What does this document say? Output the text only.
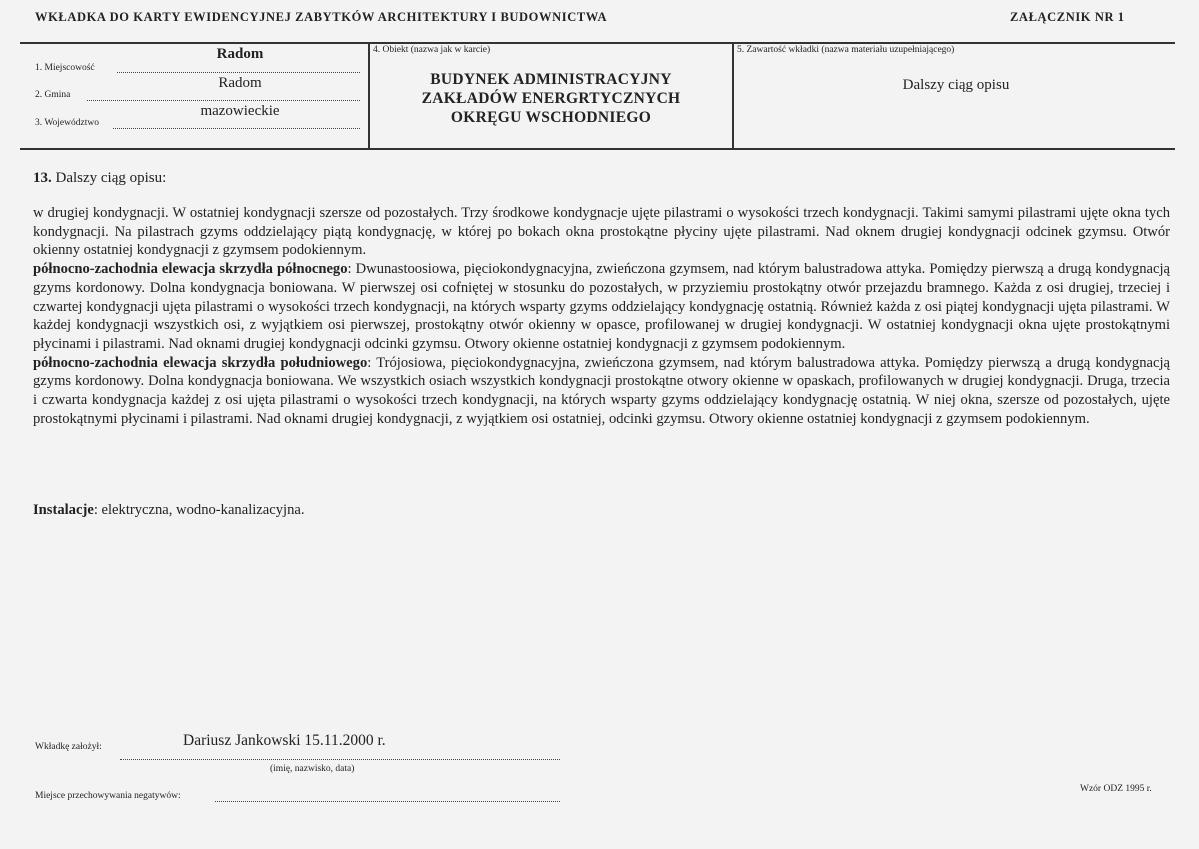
WKŁADKA DO KARTY EWIDENCYJNEJ ZABYTKÓW ARCHITEKTURY I BUDOWNICTWA	ZAŁĄCZNIK NR 1
1. Miejscowość
Radom
2. Gmina
Radom
3. Województwo
mazowieckie
4. Obiekt (nazwa jak w karcie)
BUDYNEK ADMINISTRACYJNY
ZAKŁADÓW ENERGRTYCZNYCH
OKRĘGU WSCHODNIEGO
5. Zawartość wkładki (nazwa materiału uzupełniającego)
Dalszy ciąg opisu
13. Dalszy ciąg opisu:

w drugiej kondygnacji. W ostatniej kondygnacji szersze od pozostałych. Trzy środkowe kondygnacje ujęte pilastrami o wysokości trzech kondygnacji. Takimi samymi pilastrami ujęte okna tych kondygnacji. Na pilastrach gzyms oddzielający piątą kondygnację, w której po bokach okna prostokątne płyciny ujęte pilastrami. Nad oknem drugiej kondygnacji odcinek gzymsu. Otwór okienny ostatniej kondygnacji z gzymsem podokiennym.

północno-zachodnia elewacja skrzydła północnego: Dwunastoosiowa, pięciokondygnacyjna, zwieńczona gzymsem, nad którym balustradowa attyka. Pomiędzy pierwszą a drugą kondygnacją gzyms kordonowy. Dolna kondygnacja boniowana. W pierwszej osi cofniętej w stosunku do pozostałych, w przyziemiu prostokątny otwór przejazdu bramnego. Każda z osi drugiej, trzeciej i czwartej kondygnacji ujęta pilastrami o wysokości trzech kondygnacji, na których wsparty gzyms oddzielający kondygnację ostatnią. Również każda z osi piątej kondygnacji ujęta pilastrami. W każdej kondygnacji wszystkich osi, z wyjątkiem osi pierwszej, prostokątny otwór okienny w opasce, profilowanej w drugiej kondygnacji. W ostatniej kondygnacji okna ujęte prostokątnymi płycinami i pilastrami. Nad oknami drugiej kondygnacji odcinki gzymsu. Otwory okienne ostatniej kondygnacji z gzymsem podokiennym.

północno-zachodnia elewacja skrzydła południowego: Trójosiowa, pięciokondygnacyjna, zwieńczona gzymsem, nad którym balustradowa attyka. Pomiędzy pierwszą a drugą kondygnacją gzyms kordonowy. Dolna kondygnacja boniowana. We wszystkich osiach wszystkich kondygnacji prostokątne otwory okienne w opaskach, profilowanych w drugiej kondygnacji. Druga, trzecia i czwarta kondygnacja każdej z osi ujęta pilastrami o wysokości trzech kondygnacji, na których wsparty gzyms oddzielający kondygnację ostatnią. W niej okna, szersze od pozostałych, ujęte prostokątnymi płycinami i pilastrami. Nad oknami drugiej kondygnacji, z wyjątkiem osi ostatniej, odcinki gzymsu. Otwory okienne ostatniej kondygnacji z gzymsem podokiennym.

Instalacje: elektryczna, wodno-kanalizacyjna.
Wkładkę założył:	Dariusz Jankowski 15.11.2000 r.
(imię, nazwisko, data)
Miejsce przechowywania negatywów:
Wzór ODZ 1995 r.
